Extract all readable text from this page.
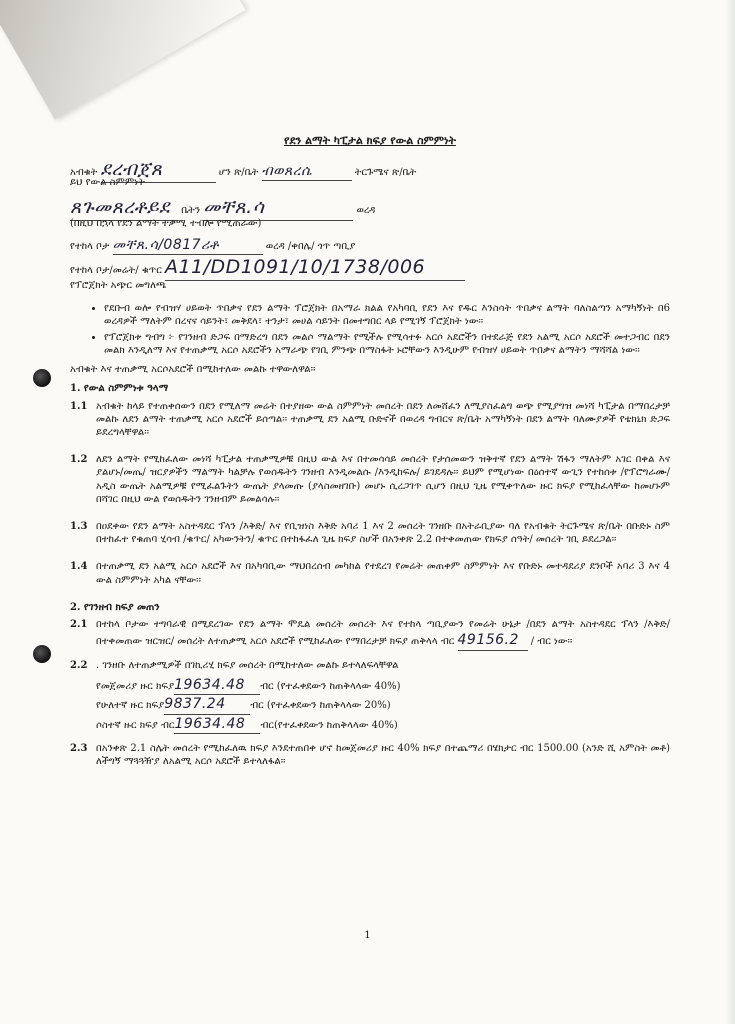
የደን ልማት ካፒታል ክፍያ የውል ስምምነት
አብቁት ደረብጀጸ	ሆን ጽ/ቤት ብወጸረሴ	ትርጉሜና ጽ/ቤት
ይህ የውል ስምምነት
ጸጉመጸረቶይደ ቤትን መቸጸ.ሳ	ወረዳ
(በዚህ በኋላ የደን ልማት ተቃሚ ተብሎ የሚጠራው)
የተከላ ቦታ መቸጸ.ሳ/0817ሪቶ	ወረዳ /ቀበሌ/ ጎጥ ጣቢያ
የተከላ ቦታ/መሬት/ ቁጥር A11/DD1091/10/1738/006
የፕሮጀክት አጭር መግለጫ
• የደቡብ ወሎ የብዝሃ ሀይወት ጥበቃና የደን ልማት ፕሮጀክት በአማራ ክልል የአካባቢ የደን እና የዱር እንስሳት ጥበቃና ልማት ባለስልጣን አማካኝነት በ6 ወረዳዎች ማለትም በረናና ሳይንት፣ መቅደላ፣ ተንታ፣ መሀል ሳይንት በመተግበር ላይ የሚገኝ ፕሮጀክት ነው፡፡
• የፕሮጀክቱ ግብግ ፦ የገንዘብ ድጋፍ በማድረግ በደን መልሶ ማልማት የሚችሉ የሚሳተፉ አርሶ አደሮችን በተደራጅ የደን አልሚ አርሶ አደሮች መተጋብር በደን መልክ እንዲለማ እና የተጠቃሚ አርሶ አደሮችን አማራጭ የገቢ ምንጭ በማስፋት ኑሮቸውን እንዲሁም የብዝሃ ሀይወት ጥበቃና ልማትን ማሻሻል ነው፡፡
አብቁት እና ተጠቃሚ አርሶአደሮች በሚከተለው መልኩ ተዋውለዋል፡፡
1. የውል ስምምነቱ ዓላማ
1.1 አብቁት ከላይ የተጠቀሰውን በደን የሚለማ መሬት በተያዘው ውል ስምምነት መሰረት በደን ለመሸፈን ለሚያስፈልግ ወጭ የሚያግዝ መነሻ ካፒታል በማበረታቻ መልኩ ለደን ልማት ተጠቃሚ አርሶ አደሮች ይሰጣል፡፡ ተጠቃሚ ደን አልሚ ቡድኖች በወረዳ ግብርና ጽ/ቤት አማካኝነት በደን ልማት ባለሙያዎች የቴክኒክ ድጋፍ ይደረግላቸዋል፡፡
1.2 ለደን ልማት የሚከፈለው መነሻ ካፒታል ተጠቃሚዎቹ በዚህ ውል እና በተመሳሳይ መሰረት የታሰመውን ዝቅተኛ የደን ልማት ሽፋን ማለትም አገር በቀል እና ያልሆኑ/መጤ/ ዝርያዎችን ማልማት ካልቻሉ የወሰዱትን ገንዘብ እንዲመልሱ /እንዲከፍሉ/ ይገደዳሉ፡፡ ይህም የሚሆነው በዕሰተኛ ውጊን የተከሰቱ /የፕሮግራሙ/አዲስ ውጤት አልሚዎቹ የሚፈልጉትን ውጤት ያላመጡ (ያላስመዘገቡ) መሆኑ ሲረጋገጥ ሲሆን በዚህ ጊዜ የሚቀጥለው ዙር ክፍያ የሚከፈላቸው ከመሆኑም በሻገር በዚህ ውል የወሰዱትን ገንዘብም ይመልሳሉ፡፡
1.3 በዐደቀው የደን ልማት አስተዳደር ፕላን /እቅድ/ እና የቢዝነስ እቅድ አባሪ 1 እና 2 መሰረት ገንዘቡ በአትራቢያው ባለ የአብቁት ትርጉሜና ጽ/ቤት በቡድኑ ስም በተከፈተ የቁጠባ ሂሳብ /ቁጥር/ አካውንትን/ ቁጥር በተከፋፈለ ጊዜ ክፍያ ስሆች በአንቀጽ 2.2 በተቀመጠው የክፍያ ሰዓት/ መሰረት ገቢ ይደረጋል፡፡
1.4 በተጠቃሚ ደን አልሚ አርሶ አደሮች እና በአካባቢው ማህበረሰብ መካከል የተደረገ የመሬት መጠቀም ስምምነት እና የቡድኑ መተዳደሪያ ደንቦች አባሪ 3 እና 4 ውል ስምምነት አካል ናቸው፡፡
2. የገንዘብ ክፍያ መጠን
2.1 በተከላ ቦታው ተግባራዊ በሚደረገው የደን ልማት ሞዴል መሰረት መሰረት እና የተከላ ጣቢያውን የመሬት ሁኔታ /በደን ልማት አስተዳደር ፕላን /እቅድ/ በተቀመጠው ዝርዝር/ መሰረት ለተጠቃሚ አርሶ አደሮች የሚከፈለው የማበረታቻ ክፍያ ጠቅላላ ብር 49156.2 / ብር ነው፡፡
2.2 . ገንዘቡ ለተጠቃሚዎች በገኪሪሂ ክፍያ መሰረት በሚከተለው መልኩ ይተላለፍላቸዋል
የመጀመሪያ ዙር ክፍያ 19634.48	ብር (የተፈቀደውን ከጠቅላላው 40%)
የሁለተኛ ዙር ክፍያ 9837.24	ብር (የተፈቀደውን ከጠቅላላው 20%)
ሶስተኛ ዙር ክፍያ ብር 19634.48	ብር(የተፈቀደውን ከጠቅላላው 40%)
2.3 በአንቀጽ 2.1 ስሌት መሰረት የሚከፈለዉ ክፍያ እንደተጠበቀ ሆኖ ከመጀመሪያ ዙር 40% ክፍያ በተጨማሪ በሄክታር ብር 1500.00 (አንድ ሺ አምስት መቶ) ለችግኝ ማጓጓዥያ ለአልሚ አርሶ አደሮች ይተላለፋል፡፡
1
